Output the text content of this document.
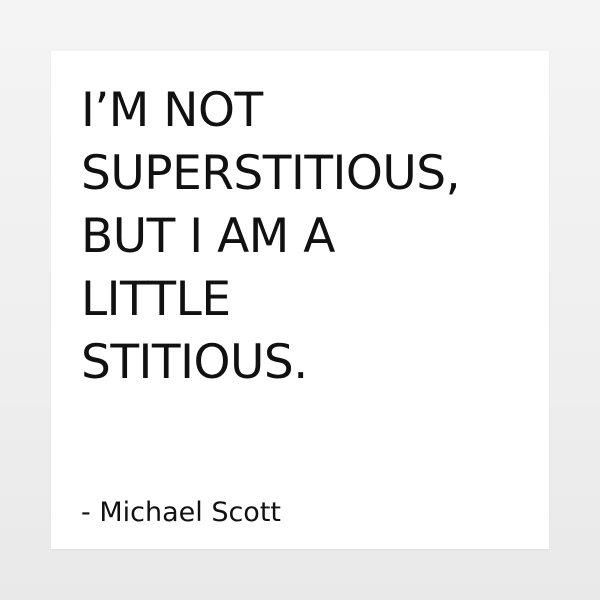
I’M NOT
SUPERSTITIOUS,
BUT I AM A
LITTLE
STITIOUS.

- Michael Scott
